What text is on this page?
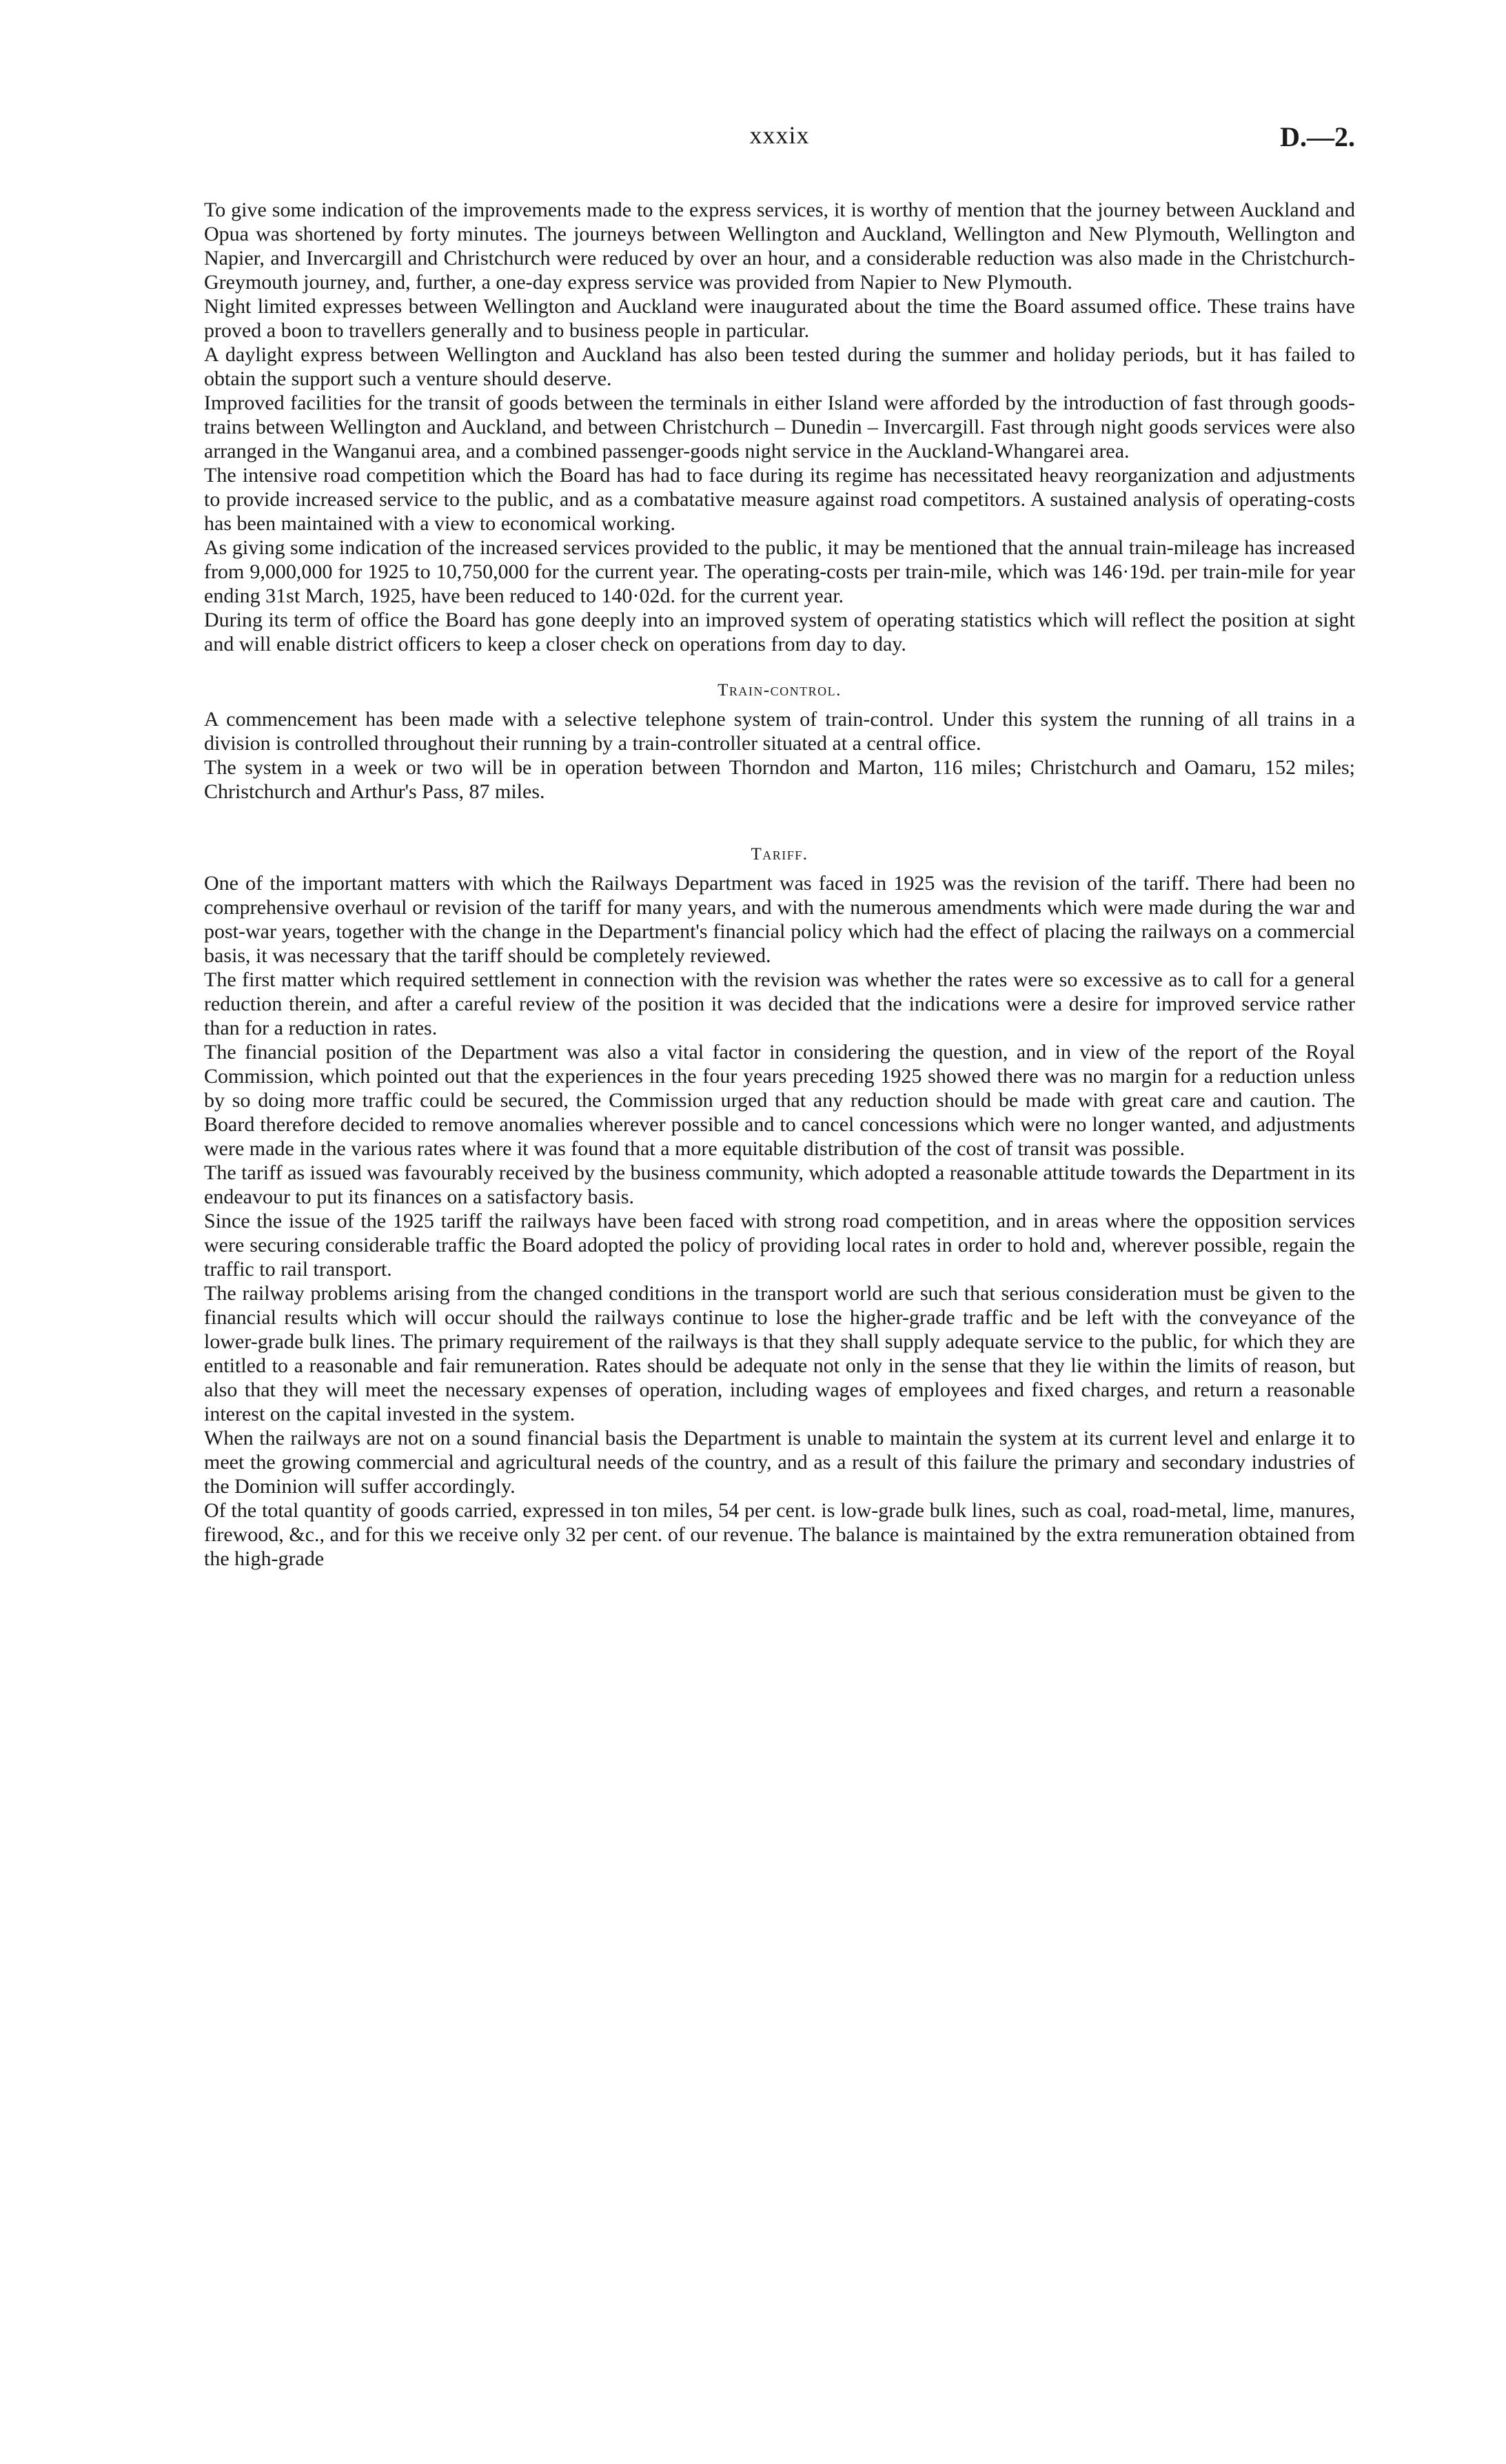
xxxix	D.—2.

To give some indication of the improvements made to the express services, it is worthy of mention that the journey between Auckland and Opua was shortened by forty minutes. The journeys between Wellington and Auckland, Wellington and New Plymouth, Wellington and Napier, and Invercargill and Christchurch were reduced by over an hour, and a considerable reduction was also made in the Christchurch-Greymouth journey, and, further, a one-day express service was provided from Napier to New Plymouth.

Night limited expresses between Wellington and Auckland were inaugurated about the time the Board assumed office. These trains have proved a boon to travellers generally and to business people in particular.

A daylight express between Wellington and Auckland has also been tested during the summer and holiday periods, but it has failed to obtain the support such a venture should deserve.

Improved facilities for the transit of goods between the terminals in either Island were afforded by the introduction of fast through goods-trains between Wellington and Auckland, and between Christchurch – Dunedin – Invercargill. Fast through night goods services were also arranged in the Wanganui area, and a combined passenger-goods night service in the Auckland-Whangarei area.

The intensive road competition which the Board has had to face during its regime has necessitated heavy reorganization and adjustments to provide increased service to the public, and as a combatative measure against road competitors. A sustained analysis of operating-costs has been maintained with a view to economical working.

As giving some indication of the increased services provided to the public, it may be mentioned that the annual train-mileage has increased from 9,000,000 for 1925 to 10,750,000 for the current year. The operating-costs per train-mile, which was 146·19d. per train-mile for year ending 31st March, 1925, have been reduced to 140·02d. for the current year.

During its term of office the Board has gone deeply into an improved system of operating statistics which will reflect the position at sight and will enable district officers to keep a closer check on operations from day to day.

Train-control.

A commencement has been made with a selective telephone system of train-control. Under this system the running of all trains in a division is controlled throughout their running by a train-controller situated at a central office.

The system in a week or two will be in operation between Thorndon and Marton, 116 miles; Christchurch and Oamaru, 152 miles; Christchurch and Arthur's Pass, 87 miles.

Tariff.

One of the important matters with which the Railways Department was faced in 1925 was the revision of the tariff. There had been no comprehensive overhaul or revision of the tariff for many years, and with the numerous amendments which were made during the war and post-war years, together with the change in the Department's financial policy which had the effect of placing the railways on a commercial basis, it was necessary that the tariff should be completely reviewed.

The first matter which required settlement in connection with the revision was whether the rates were so excessive as to call for a general reduction therein, and after a careful review of the position it was decided that the indications were a desire for improved service rather than for a reduction in rates.

The financial position of the Department was also a vital factor in considering the question, and in view of the report of the Royal Commission, which pointed out that the experiences in the four years preceding 1925 showed there was no margin for a reduction unless by so doing more traffic could be secured, the Commission urged that any reduction should be made with great care and caution. The Board therefore decided to remove anomalies wherever possible and to cancel concessions which were no longer wanted, and adjustments were made in the various rates where it was found that a more equitable distribution of the cost of transit was possible.

The tariff as issued was favourably received by the business community, which adopted a reasonable attitude towards the Department in its endeavour to put its finances on a satisfactory basis.

Since the issue of the 1925 tariff the railways have been faced with strong road competition, and in areas where the opposition services were securing considerable traffic the Board adopted the policy of providing local rates in order to hold and, wherever possible, regain the traffic to rail transport.

The railway problems arising from the changed conditions in the transport world are such that serious consideration must be given to the financial results which will occur should the railways continue to lose the higher-grade traffic and be left with the conveyance of the lower-grade bulk lines. The primary requirement of the railways is that they shall supply adequate service to the public, for which they are entitled to a reasonable and fair remuneration. Rates should be adequate not only in the sense that they lie within the limits of reason, but also that they will meet the necessary expenses of operation, including wages of employees and fixed charges, and return a reasonable interest on the capital invested in the system.

When the railways are not on a sound financial basis the Department is unable to maintain the system at its current level and enlarge it to meet the growing commercial and agricultural needs of the country, and as a result of this failure the primary and secondary industries of the Dominion will suffer accordingly.

Of the total quantity of goods carried, expressed in ton miles, 54 per cent. is low-grade bulk lines, such as coal, road-metal, lime, manures, firewood, &c., and for this we receive only 32 per cent. of our revenue. The balance is maintained by the extra remuneration obtained from the high-grade
